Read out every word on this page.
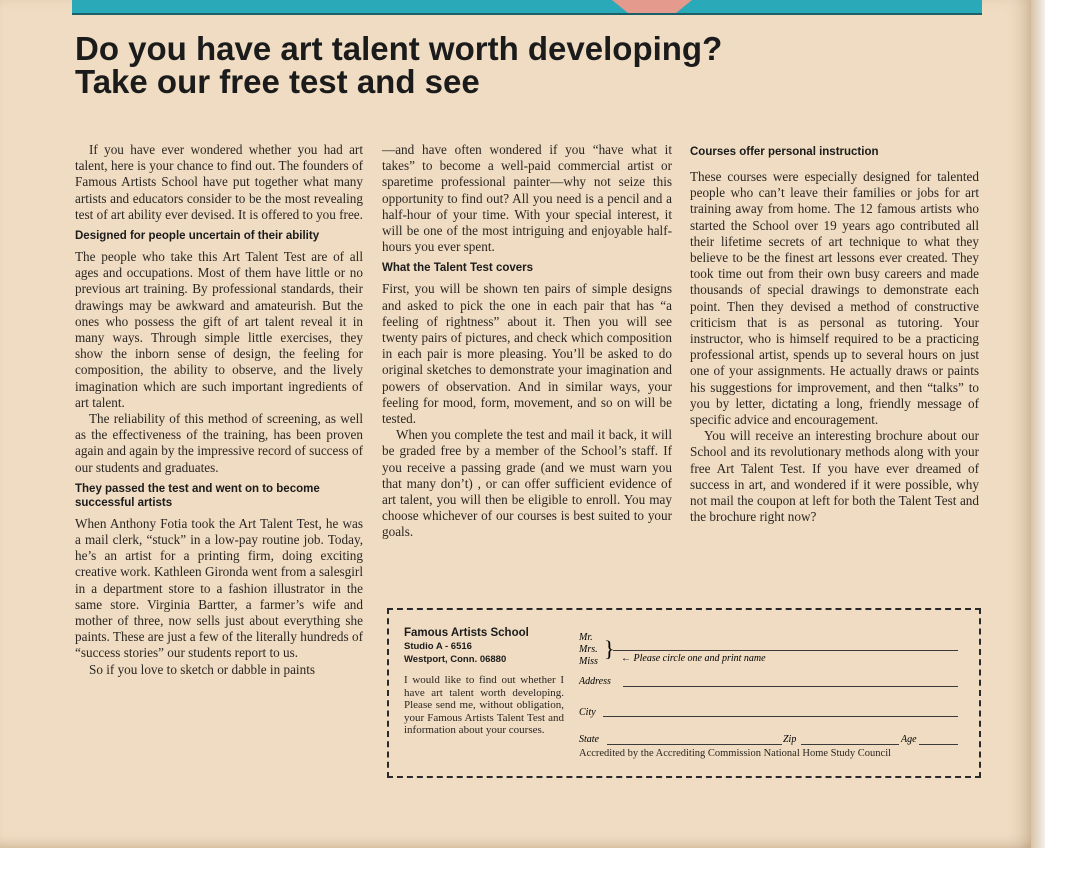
Do you have art talent worth developing?
Take our free test and see

If you have ever wondered whether you had art talent, here is your chance to find out. The founders of Famous Artists School have put together what many artists and educators consider to be the most revealing test of art ability ever devised. It is offered to you free.

Designed for people uncertain of their ability

The people who take this Art Talent Test are of all ages and occupations. Most of them have little or no previous art training. By professional standards, their drawings may be awkward and amateurish. But the ones who possess the gift of art talent reveal it in many ways. Through simple little exercises, they show the inborn sense of design, the feeling for composition, the ability to observe, and the lively imagination which are such important ingredients of art talent.

The reliability of this method of screening, as well as the effectiveness of the training, has been proven again and again by the impressive record of success of our students and graduates.

They passed the test and went on to become successful artists

When Anthony Fotia took the Art Talent Test, he was a mail clerk, “stuck” in a low-pay routine job. Today, he’s an artist for a printing firm, doing exciting creative work. Kathleen Gironda went from a salesgirl in a department store to a fashion illustrator in the same store. Virginia Bartter, a farmer’s wife and mother of three, now sells just about everything she paints. These are just a few of the literally hundreds of “success stories” our students report to us.

So if you love to sketch or dabble in paints

—and have often wondered if you “have what it takes” to become a well-paid commercial artist or sparetime professional painter—why not seize this opportunity to find out? All you need is a pencil and a half-hour of your time. With your special interest, it will be one of the most intriguing and enjoyable half-hours you ever spent.

What the Talent Test covers

First, you will be shown ten pairs of simple designs and asked to pick the one in each pair that has “a feeling of rightness” about it. Then you will see twenty pairs of pictures, and check which composition in each pair is more pleasing. You’ll be asked to do original sketches to demonstrate your imagination and powers of observation. And in similar ways, your feeling for mood, form, movement, and so on will be tested.

When you complete the test and mail it back, it will be graded free by a member of the School’s staff. If you receive a passing grade (and we must warn you that many don’t) , or can offer sufficient evidence of art talent, you will then be eligible to enroll. You may choose whichever of our courses is best suited to your goals.

Courses offer personal instruction

These courses were especially designed for talented people who can’t leave their families or jobs for art training away from home. The 12 famous artists who started the School over 19 years ago contributed all their lifetime secrets of art technique to what they believe to be the finest art lessons ever created. They took time out from their own busy careers and made thousands of special drawings to demonstrate each point. Then they devised a method of constructive criticism that is as personal as tutoring. Your instructor, who is himself required to be a practicing professional artist, spends up to several hours on just one of your assignments. He actually draws or paints his suggestions for improvement, and then “talks” to you by letter, dictating a long, friendly message of specific advice and encouragement.

You will receive an interesting brochure about our School and its revolutionary methods along with your free Art Talent Test. If you have ever dreamed of success in art, and wondered if it were possible, why not mail the coupon at left for both the Talent Test and the brochure right now?

Famous Artists School
Studio A - 6516
Westport, Conn. 06880
I would like to find out whether I have art talent worth developing. Please send me, without obligation, your Famous Artists Talent Test and information about your courses.
Mr.
Mrs.
Miss
} ← Please circle one and print name
Address
City
State	Zip	Age
Accredited by the Accrediting Commission National Home Study Council
